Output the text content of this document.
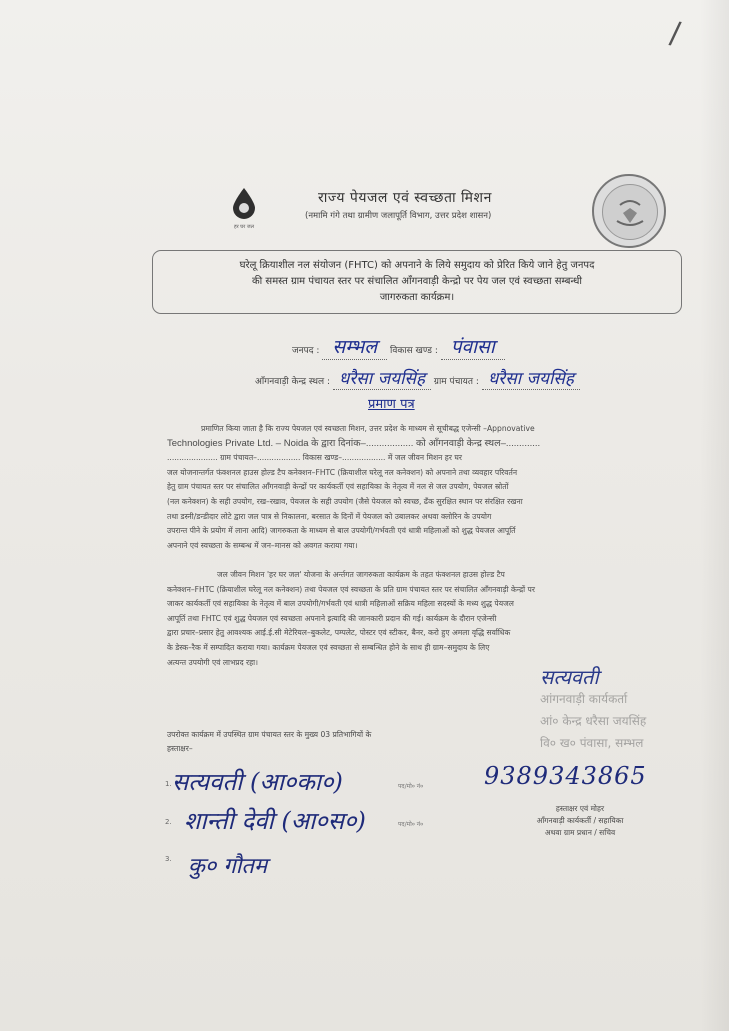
/
हर घर जल
राज्य पेयजल एवं स्वच्छता मिशन
(नमामि गंगे तथा ग्रामीण जलापूर्ति विभाग, उत्तर प्रदेश शासन)
घरेलू क्रियाशील नल संयोजन (FHTC) को अपनाने के लिये समुदाय को प्रेरित किये जाने हेतु जनपद
की समस्त ग्राम पंचायत स्तर पर संचालित आँगनवाड़ी केन्द्रो पर पेय जल एवं स्वच्छता सम्बन्धी
जागरुकता कार्यक्रम।
जनपद : सम्भल विकास खण्ड : पंवासा
आँगनवाड़ी केन्द्र स्थल : धरैसा जयसिंह ग्राम पंचायत : धरैसा जयसिंह
प्रमाण पत्र

प्रमाणित किया जाता है कि राज्य पेयजल एवं स्वच्छता मिशन, उत्तर प्रदेश के माध्यम से सूचीबद्ध एजेन्सी –Appnovative

Technologies Private Ltd. – Noida के द्वारा दिनांक–.................. को आँगनवाड़ी केन्द्र स्थल–.............

..................... ग्राम पंचायत–.................. विकास खण्ड–.................. में जल जीवन मिशन हर घर

जल योजनान्तर्गत फंक्शनल हाउस होल्ड टैप कनेक्शन–FHTC (क्रियाशील घरेलू नल कनेक्शन) को अपनाने तथा व्यवहार परिवर्तन

हेतु ग्राम पंचायत स्तर पर संचालित आँगनवाड़ी केन्द्रों पर कार्यकर्ती एवं सहायिका के नेतृत्व में नल से जल उपयोग, पेयजल स्रोतों

(नल कनेक्शन) के सही उपयोग, रख–रखाव, पेयजल के सही उपयोग (जैसे पेयजल को स्वच्छ, ढँक सुरक्षित स्थान पर संरक्षित रखना

तथा डस्नी/डन्डीदार लोटे द्वारा जल पात्र से निकालना, बरसात के दिनों में पेयजल को उबालकर अथवा क्लोरिन के उपयोग

उपरान्त पीने के प्रयोग में लाना आदि) जागरुकता के माध्यम से बाल उपयोगी/गर्भवती एवं धात्री महिलाओं को शुद्ध पेयजल आपूर्ति

अपनाने एवं स्वच्छता के सम्बन्ध में जन–मानस को अवगत कराया गया।

जल जीवन मिशन 'हर घर जल' योजना के अर्न्तगत जागरुकता कार्यक्रम के तहत फंक्शनल हाउस होल्ड टैप

कनेक्शन–FHTC (क्रियाशील घरेलू नल कनेक्शन) तथा पेयजल एवं स्वच्छता के प्रति ग्राम पंचायत स्तर पर संचालित आँगनवाड़ी केन्द्रों पर

जाकर कार्यकर्ती एवं सहायिका के नेतृत्व में बाल उपयोगी/गर्भवती एवं धात्री महिलाओं सक्रिय महिला सदस्यों के मध्य शुद्ध पेयजल

आपूर्ति तथा FHTC एवं शुद्ध पेयजल एवं स्वच्छता अपनाने इत्यादि की जानकारी प्रदान की गई। कार्यक्रम के दौरान एजेन्सी

द्वारा प्रचार–प्रसार हेतु आवश्यक आई.ई.सी मेटेरियल–बुकलेट, पम्पलेट, पोस्टर एवं स्टीकर, बैनर, करो हुए अमला वृद्धि सर्वाधिक

के डेस्क–रैक में सम्पादित कराया गया। कार्यक्रम पेयजल एवं स्वच्छता से सम्बन्धित होने के साथ ही ग्राम–समुदाय के लिए

अत्यन्त उपयोगी एवं लाभप्रद रहा।

सत्यवती
आंगनवाड़ी कार्यकर्ता
आं० केन्द्र धरैसा जयसिंह
वि० ख० पंवासा, सम्भल
उपरोक्त कार्यक्रम में उपस्थित ग्राम पंचायत स्तर के मुख्य 03 प्रतिभागियों के
हस्ताक्षर–
1. सत्यवती (आ०का०)	पद/मो० नं०
2. शान्ती देवी (आ०स०)	पद/मो० नं०
3. कु० गौतम
9389343865
हस्ताक्षर एवं मोहर
आँगनवाड़ी कार्यकर्ती / सहायिका
अथवा ग्राम प्रधान / सचिव
